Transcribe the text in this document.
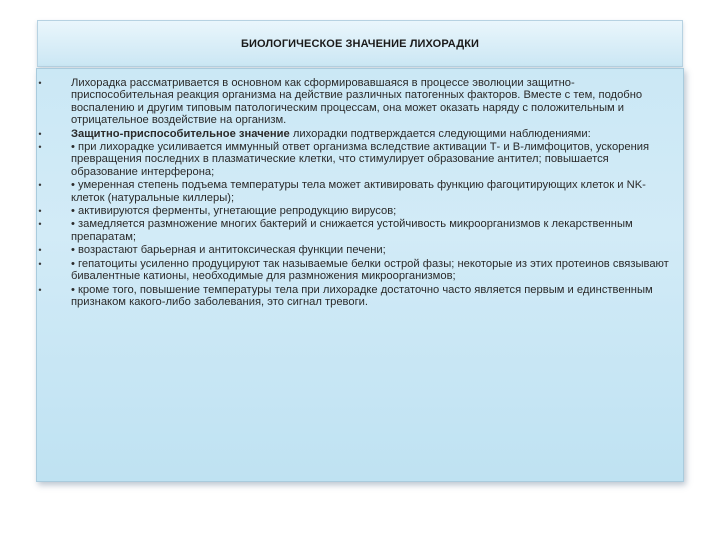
БИОЛОГИЧЕСКОЕ ЗНАЧЕНИЕ ЛИХОРАДКИ
•	Лихорадка рассматривается в основном как сформировавшаяся в процессе эволюции защитно-приспособительная реакция организма на действие различных патогенных факторов. Вместе с тем, подобно воспалению и другим типовым патологическим процессам, она может оказать наряду с положительным и отрицательное воздействие на организм.
•	Защитно-приспособительное значение лихорадки подтверждается следующими наблюдениями:
•	• при лихорадке усиливается иммунный ответ организма вследствие активации Т- и В-лимфоцитов, ускорения превращения последних в плазматические клетки, что стимулирует образование антител; повышается образование интерферона;
•	• умеренная степень подъема температуры тела может активировать функцию фагоцитирующих клеток и NK-клеток (натуральные киллеры);
•	• активируются ферменты, угнетающие репродукцию вирусов;
•	• замедляется размножение многих бактерий и снижается устойчивость микроорганизмов к лекарственным препаратам;
•	• возрастают барьерная и антитоксическая функции печени;
•	• гепатоциты усиленно продуцируют так называемые белки острой фазы; некоторые из этих протеинов связывают бивалентные катионы, необходимые для размножения микроорганизмов;
•	• кроме того, повышение температуры тела при лихорадке достаточно часто является первым и единственным признаком какого-либо заболевания, это сигнал тревоги.
